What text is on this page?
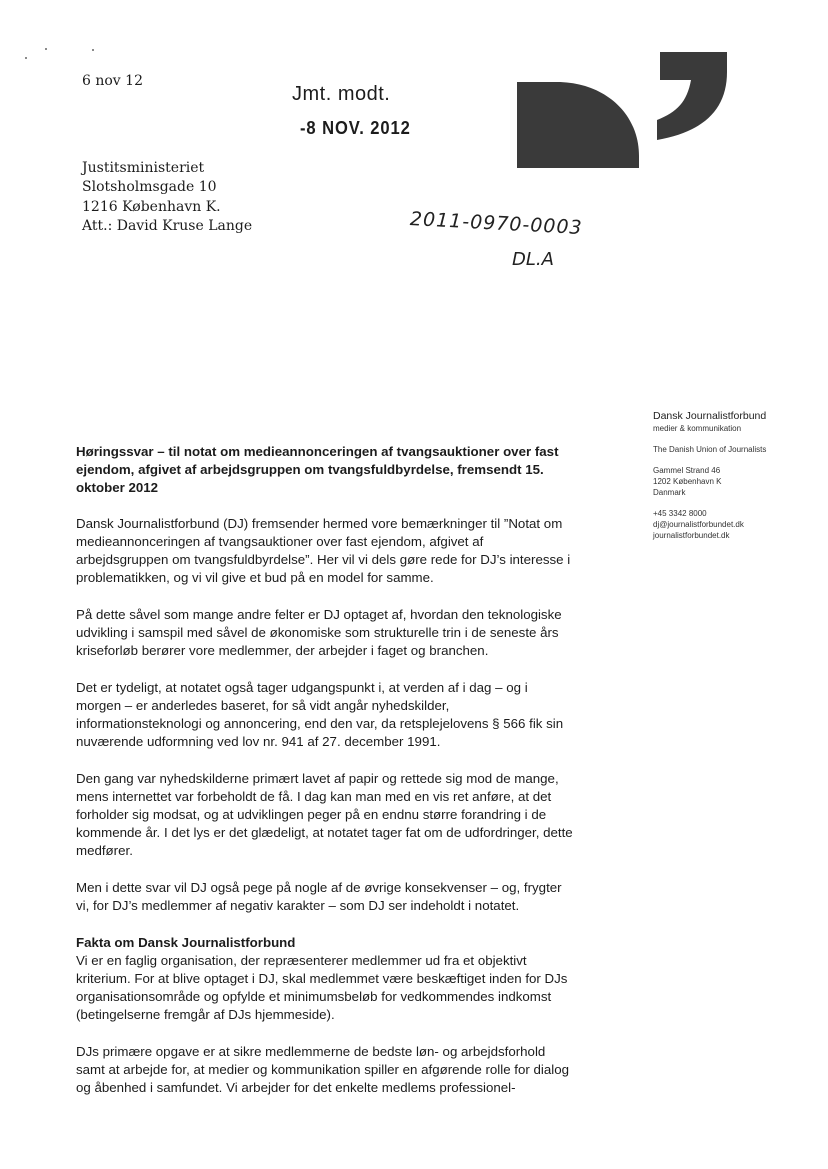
6 nov 12
Jmt. modt.
-8 NOV. 2012
Justitsministeriet
Slotsholmsgade 10
1216 København K.
Att.: David Kruse Lange	2011-0970-0003
DL.A
Dansk Journalistforbund
medier & kommunikation
The Danish Union of Journalists
Gammel Strand 46
1202 København K
Danmark
+45 3342 8000
dj@journalistforbundet.dk
journalistforbundet.dk
Høringssvar – til notat om medieannonceringen af tvangsauktioner over fast ejendom, afgivet af arbejdsgruppen om tvangsfuldbyrdelse, fremsendt 15. oktober 2012

Dansk Journalistforbund (DJ) fremsender hermed vore bemærkninger til ”Notat om medieannonceringen af tvangsauktioner over fast ejendom, afgivet af arbejdsgruppen om tvangsfuldbyrdelse”. Her vil vi dels gøre rede for DJ’s interesse i problematikken, og vi vil give et bud på en model for samme.

På dette såvel som mange andre felter er DJ optaget af, hvordan den teknologiske udvikling i samspil med såvel de økonomiske som strukturelle trin i de seneste års kriseforløb berører vore medlemmer, der arbejder i faget og branchen.

Det er tydeligt, at notatet også tager udgangspunkt i, at verden af i dag – og i morgen – er anderledes baseret, for så vidt angår nyhedskilder, informationsteknologi og annoncering, end den var, da retsplejelovens § 566 fik sin nuværende udformning ved lov nr. 941 af 27. december 1991.

Den gang var nyhedskilderne primært lavet af papir og rettede sig mod de mange, mens internettet var forbeholdt de få. I dag kan man med en vis ret anføre, at det forholder sig modsat, og at udviklingen peger på en endnu større forandring i de kommende år. I det lys er det glædeligt, at notatet tager fat om de udfordringer, dette medfører.

Men i dette svar vil DJ også pege på nogle af de øvrige konsekvenser – og, frygter vi, for DJ’s medlemmer af negativ karakter – som DJ ser indeholdt i notatet.

Fakta om Dansk Journalistforbund

Vi er en faglig organisation, der repræsenterer medlemmer ud fra et objektivt kriterium. For at blive optaget i DJ, skal medlemmet være beskæftiget inden for DJs organisationsområde og opfylde et minimumsbeløb for vedkommendes indkomst (betingelserne fremgår af DJs hjemmeside).

DJs primære opgave er at sikre medlemmerne de bedste løn- og arbejdsforhold samt at arbejde for, at medier og kommunikation spiller en afgørende rolle for dialog og åbenhed i samfundet. Vi arbejder for det enkelte medlems professionel-
